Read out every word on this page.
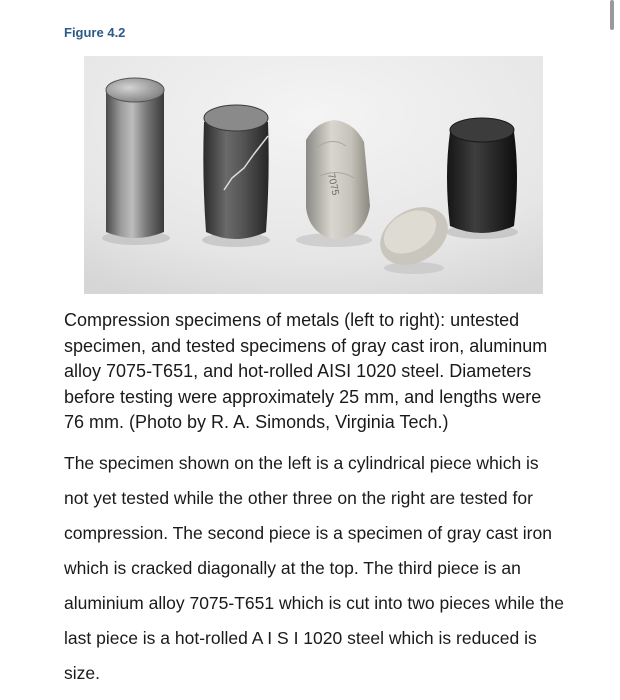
Figure 4.2
7075

Compression specimens of metals (left to right): untested specimen, and tested specimens of gray cast iron, aluminum alloy 7075-T651, and hot-rolled AISI 1020 steel. Diameters before testing were approximately 25 mm, and lengths were 76 mm. (Photo by R. A. Simonds, Virginia Tech.)

The specimen shown on the left is a cylindrical piece which is not yet tested while the other three on the right are tested for compression. The second piece is a specimen of gray cast iron which is cracked diagonally at the top. The third piece is an aluminium alloy 7075-T651 which is cut into two pieces while the last piece is a hot-rolled A I S I 1020 steel which is reduced is size.
